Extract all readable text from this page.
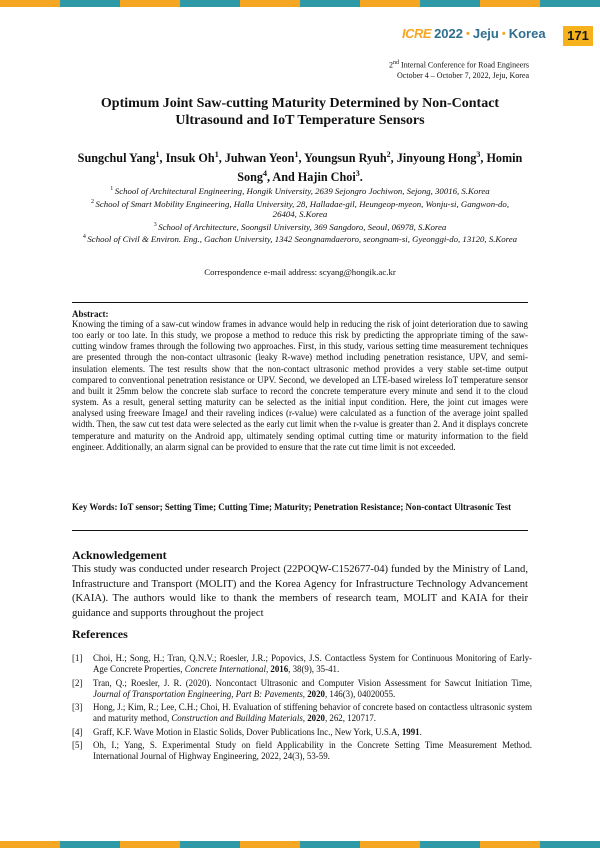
ICRE 2022 • Jeju • Korea	171
2nd Internal Conference for Road Engineers
October 4 – October 7, 2022, Jeju, Korea
Optimum Joint Saw-cutting Maturity Determined by Non-Contact
Ultrasound and IoT Temperature Sensors
Sungchul Yang$^1$, Insuk Oh$^1$, Juhwan Yeon$^1$, Youngsun Ryuh$^2$, Jinyoung Hong$^3$, Homin Song$^4$, And Hajin Choi$^3$.
$^1$ School of Architectural Engineering, Hongik University, 2639 Sejongro Jochiwon, Sejong, 30016, S.Korea
$^2$ School of Smart Mobility Engineering, Halla University, 28, Halladae-gil, Heungeop-myeon, Wonju-si, Gangwon-do, 26404, S.Korea
$^3$ School of Architecture, Soongsil University, 369 Sangdoro, Seoul, 06978, S.Korea
$^4$ School of Civil & Environ. Eng., Gachon University, 1342 Seongnamdaeroro, seongnam-si, Gyeonggi-do, 13120, S.Korea
Correspondence e-mail address: scyang@hongik.ac.kr
Abstract:
Knowing the timing of a saw-cut window frames in advance would help in reducing the risk of joint deterioration due to sawing too early or too late. In this study, we propose a method to reduce this risk by predicting the appropriate timing of the saw-cutting window frames through the following two approaches. First, in this study, various setting time measurement techniques are presented through the non-contact ultrasonic (leaky R-wave) method including penetration resistance, UPV, and semi-insulation elements. The test results show that the non-contact ultrasonic method provides a very stable set-time output compared to conventional penetration resistance or UPV. Second, we developed an LTE-based wireless IoT temperature sensor and built it 25mm below the concrete slab surface to record the concrete temperature every minute and send it to the cloud system. As a result, general setting maturity can be selected as the initial input condition. Here, the joint cut images were analysed using freeware ImageJ and their raveling indices (r-value) were calculated as a function of the average joint spalled width. Then, the saw cut test data were selected as the early cut limit when the r-value is greater than 2. And it displays concrete temperature and maturity on the Android app, ultimately sending optimal cutting time or maturity information to the field engineer. Additionally, an alarm signal can be provided to ensure that the rate cut time limit is not exceeded.
Key Words: IoT sensor; Setting Time; Cutting Time; Maturity; Penetration Resistance; Non-contact Ultrasonic Test
Acknowledgement
This study was conducted under research Project (22POQW-C152677-04) funded by the Ministry of Land, Infrastructure and Transport (MOLIT) and the Korea Agency for Infrastructure Technology Advancement (KAIA). The authors would like to thank the members of research team, MOLIT and KAIA for their guidance and supports throughout the project
References
[1]	Choi, H.; Song, H.; Tran, Q.N.V.; Roesler, J.R.; Popovics, J.S. Contactless System for Continuous Monitoring of Early-Age Concrete Properties, Concrete International, 2016, 38(9), 35-41.
[2]	Tran, Q.; Roesler, J. R. (2020). Noncontact Ultrasonic and Computer Vision Assessment for Sawcut Initiation Time, Journal of Transportation Engineering, Part B: Pavements, 2020, 146(3), 04020055.
[3]	Hong, J.; Kim, R.; Lee, C.H.; Choi, H. Evaluation of stiffening behavior of concrete based on contactless ultrasonic system and maturity method, Construction and Building Materials, 2020, 262, 120717.
[4]	Graff, K.F. Wave Motion in Elastic Solids, Dover Publications Inc., New York, U.S.A, 1991.
[5]	Oh, I.; Yang, S. Experimental Study on field Applicability in the Concrete Setting Time Measurement Method. International Journal of Highway Engineering, 2022, 24(3), 53-59.
